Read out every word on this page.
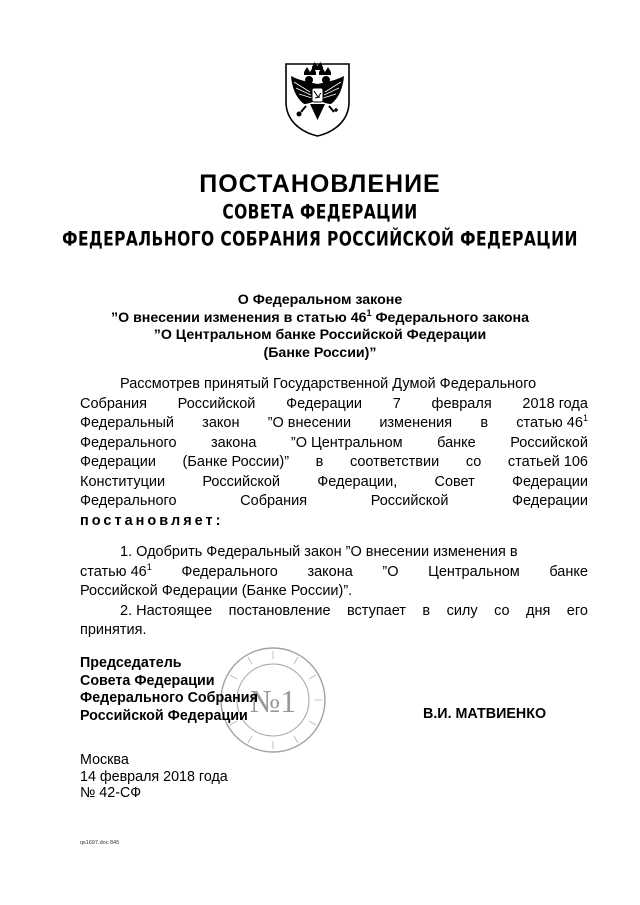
ПОСТАНОВЛЕНИЕ
СОВЕТА ФЕДЕРАЦИИ
ФЕДЕРАЛЬНОГО СОБРАНИЯ РОССИЙСКОЙ ФЕДЕРАЦИИ
О Федеральном законе
”О внесении изменения в статью $46^1$ Федерального закона
”О Центральном банке Российской Федерации
(Банке России)”
Рассмотрев принятый Государственной Думой Федерального
Собрания Российской Федерации 7 февраля 2018 года
Федеральный закон ”О внесении изменения в статью $46^1$
Федерального закона ”О Центральном банке Российской
Федерации (Банке России)” в соответствии со статьей 106
Конституции	Российской	Федерации,	Совет	Федерации
Федерального	Собрания	Российской	Федерации
постановляет:
1. Одобрить Федеральный закон ”О внесении изменения в
статью $46^1$ Федерального закона ”О Центральном банке
Российской Федерации (Банке России)”.
2. Настоящее постановление вступает в силу со дня его
принятия.
№1
Председатель
Совета Федерации
Федерального Собрания
Российской Федерации	В.И. МАТВИЕНКО
Москва
14 февраля 2018 года
№ 42-СФ
qs1697.doc 845
